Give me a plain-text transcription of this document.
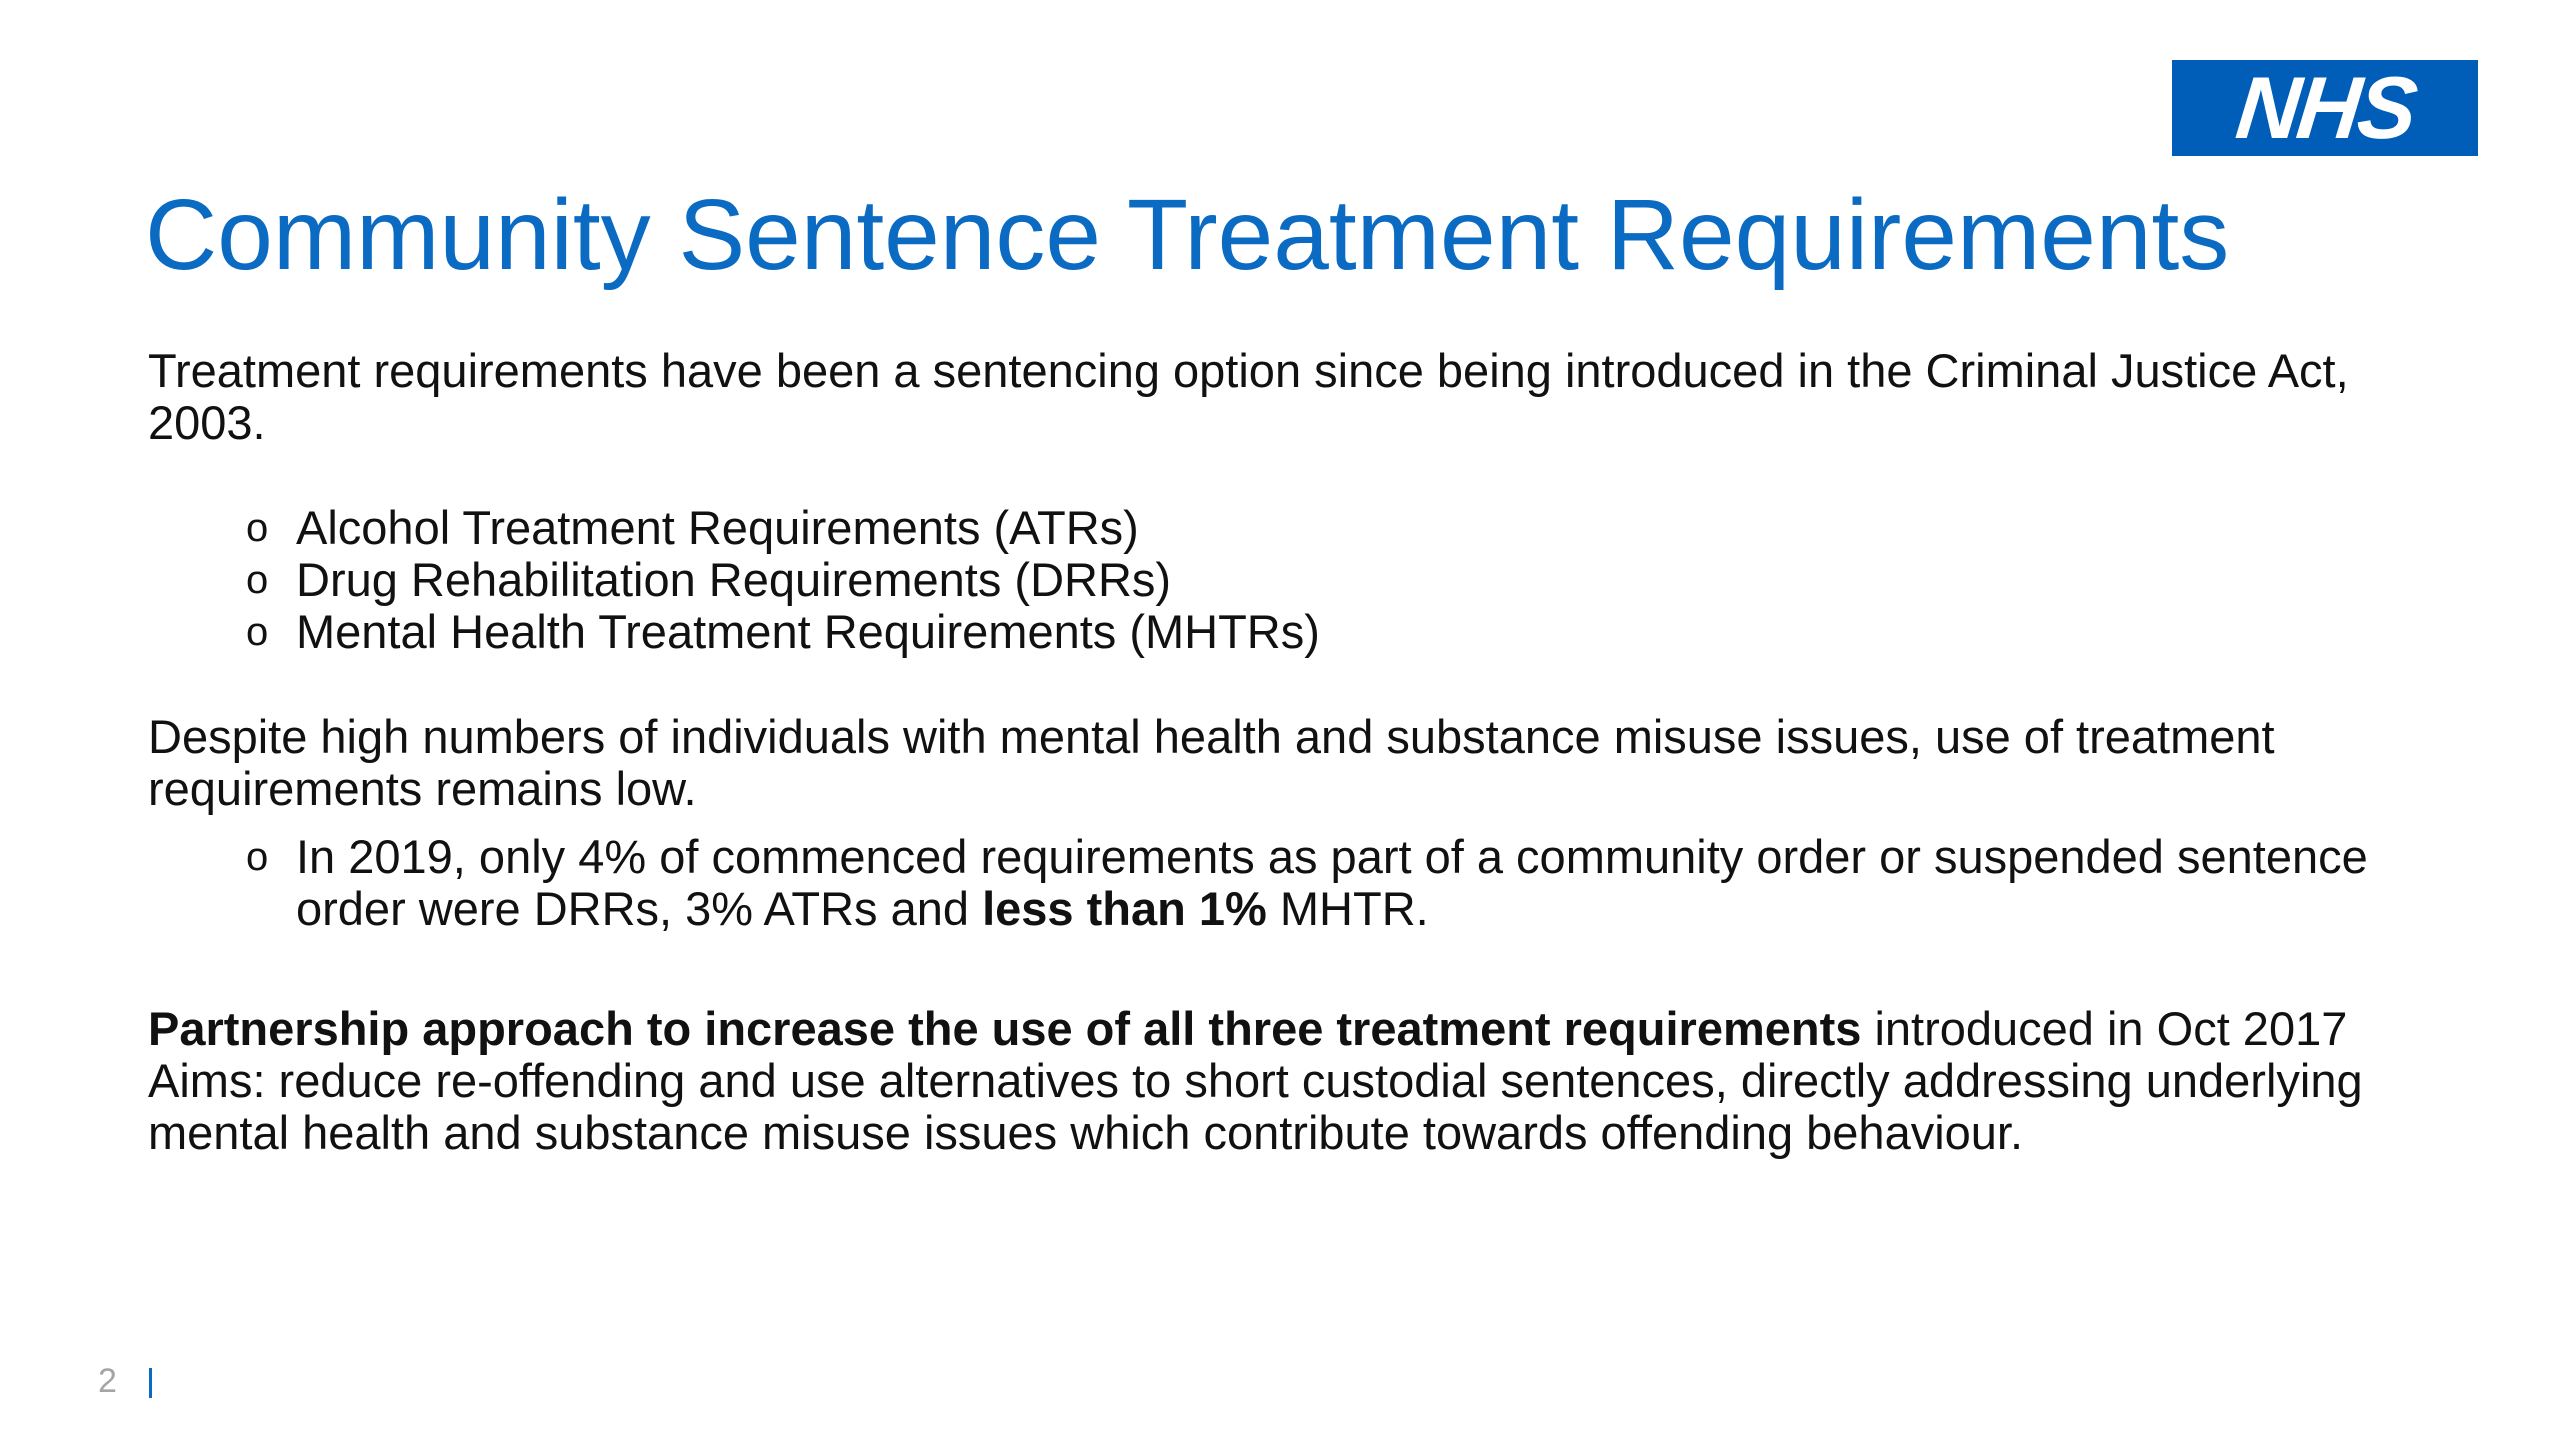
NHS
Community Sentence Treatment Requirements

Treatment requirements have been a sentencing option since being introduced in the Criminal Justice Act, 2003.

o Alcohol Treatment Requirements (ATRs)
o Drug Rehabilitation Requirements (DRRs)
o Mental Health Treatment Requirements (MHTRs)

Despite high numbers of individuals with mental health and substance misuse issues, use of treatment requirements remains low.

o In 2019, only 4% of commenced requirements as part of a community order or suspended sentence order were DRRs, 3% ATRs and less than 1% MHTR.

Partnership approach to increase the use of all three treatment requirements introduced in Oct 2017

Aims: reduce re-offending and use alternatives to short custodial sentences, directly addressing underlying mental health and substance misuse issues which contribute towards offending behaviour.

2
